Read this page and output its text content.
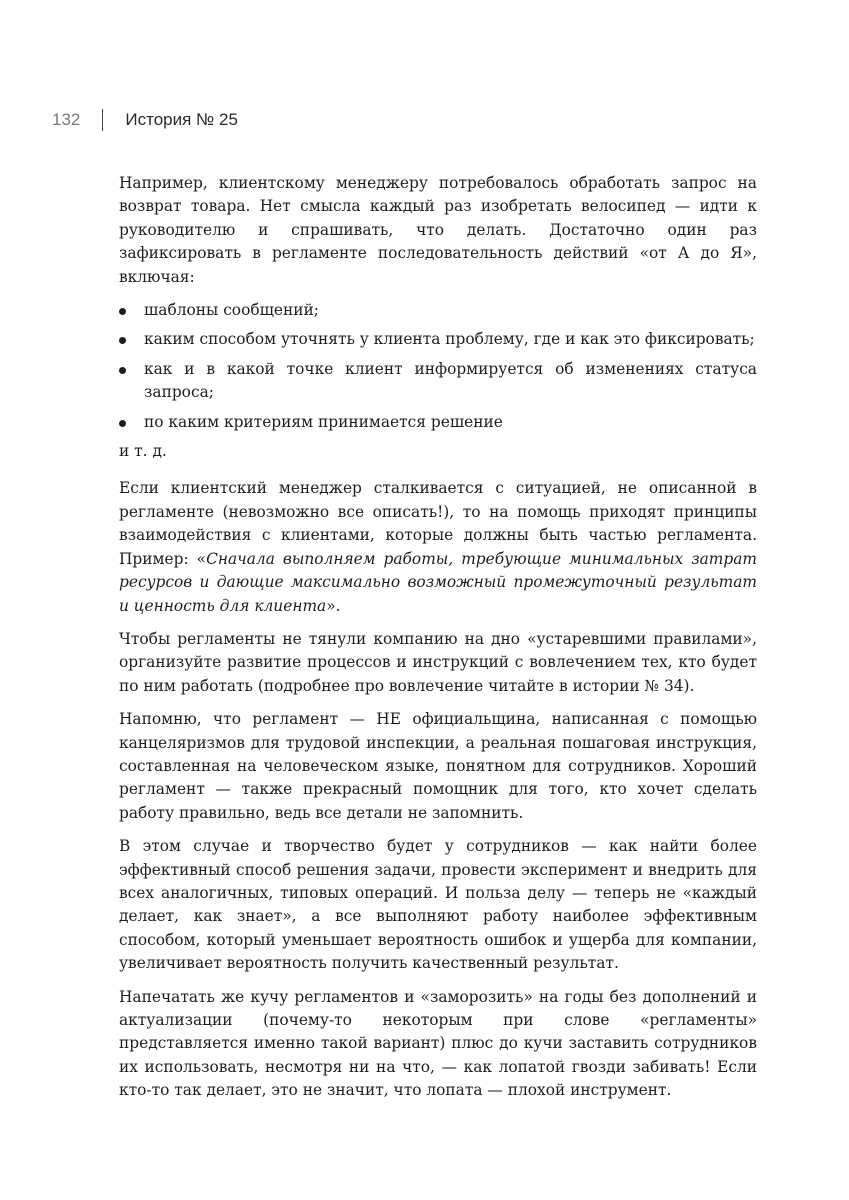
132	История № 25

Например, клиентскому менеджеру потребовалось обработать запрос на возврат товара. Нет смысла каждый раз изобретать велосипед — идти к руководителю и спрашивать, что делать. Достаточно один раз зафиксировать в регламенте последовательность действий «от А до Я», включая:

шаблоны сообщений;
каким способом уточнять у клиента проблему, где и как это фиксировать;
как и в какой точке клиент информируется об изменениях статуса запроса;
по каким критериям принимается решение

и т. д.

Если клиентский менеджер сталкивается с ситуацией, не описанной в регламенте (невозможно все описать!), то на помощь приходят принципы взаимодействия с клиентами, которые должны быть частью регламента. Пример: «Сначала выполняем работы, требующие минимальных затрат ресурсов и дающие максимально возможный промежуточный результат и ценность для клиента».

Чтобы регламенты не тянули компанию на дно «устаревшими правилами», организуйте развитие процессов и инструкций с вовлечением тех, кто будет по ним работать (подробнее про вовлечение читайте в истории № 34).

Напомню, что регламент — НЕ официальщина, написанная с помощью канцеляризмов для трудовой инспекции, а реальная пошаговая инструкция, составленная на человеческом языке, понятном для сотрудников. Хороший регламент — также прекрасный помощник для того, кто хочет сделать работу правильно, ведь все детали не запомнить.

В этом случае и творчество будет у сотрудников — как найти более эффективный способ решения задачи, провести эксперимент и внедрить для всех аналогичных, типовых операций. И польза делу — теперь не «каждый делает, как знает», а все выполняют работу наиболее эффективным способом, который уменьшает вероятность ошибок и ущерба для компании, увеличивает вероятность получить качественный результат.

Напечатать же кучу регламентов и «заморозить» на годы без дополнений и актуализации (почему-то некоторым при слове «регламенты» представляется именно такой вариант) плюс до кучи заставить сотрудников их использовать, несмотря ни на что, — как лопатой гвозди забивать! Если кто-то так делает, это не значит, что лопата — плохой инструмент.
